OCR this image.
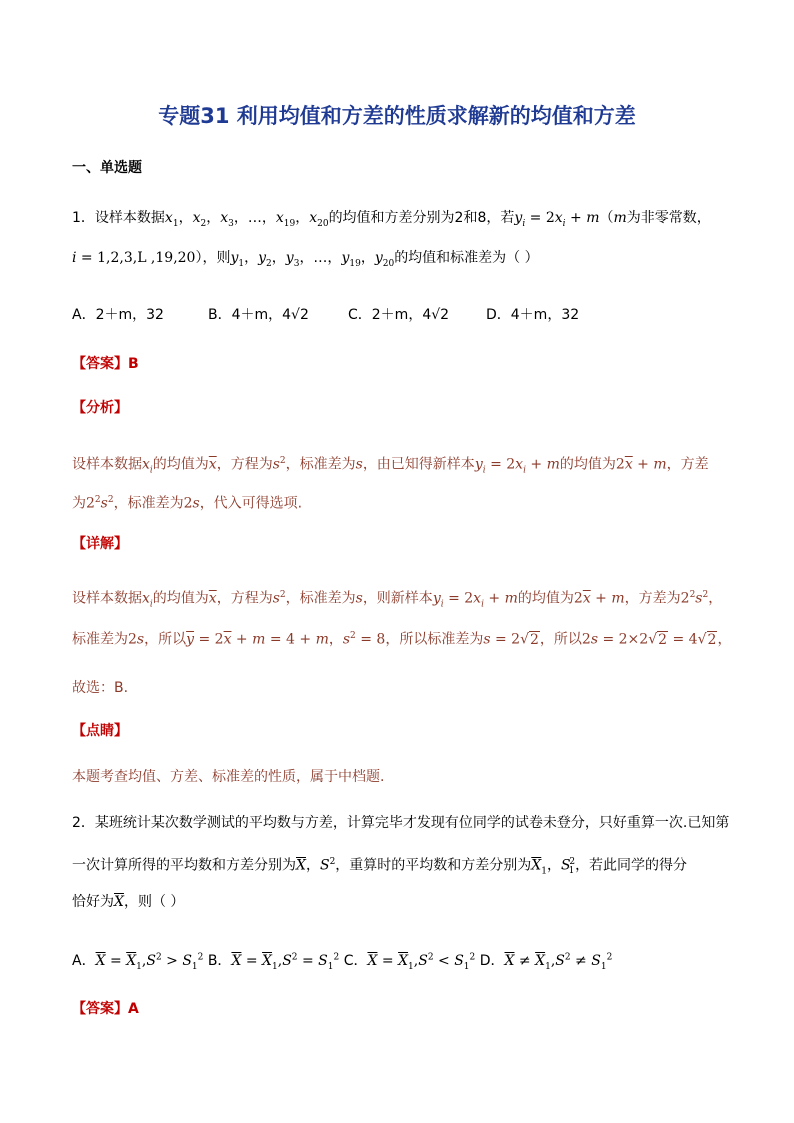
专题31 利用均值和方差的性质求解新的均值和方差
一、单选题
1．设样本数据$x_1$，$x_2$，$x_3$，…，$x_{19}$，$x_{20}$的均值和方差分别为2和8，若$y_i = 2x_i + m(m$为非零常数，
i = 1,2,3,L ,19,20），则$y_1$，$y_2$，$y_3$，…，$y_{19}$，$y_{20}$的均值和标准差为（ ）
A．2＋m，32	B．4＋m，4√2	C．2＋m，4√2	D．4＋m，32
【答案】B
【分析】
设样本数据$x_i$的均值为$\overline{x}$，方程为$s^2$，标准差为s，由已知得新样本$y_i = 2x_i + m$的均值为$2\overline{x} + m$，方差
为$2^2s^2$，标准差为2s，代入可得选项.
【详解】
设样本数据$x_i$的均值为$\overline{x}$，方程为$s^2$，标准差为s，则新样本$y_i = 2x_i + m$的均值为$2\overline{x} + m$，方差为$2^2s^2$，
标准差为2s，所以$\overline{y} = 2\overline{x} + m = 4 + m$，$s^2 = 8$，所以标准差为s = 2√2，所以2s = 2×2√2 = 4√2，
故选：B.
【点睛】
本题考查均值、方差、标准差的性质，属于中档题.
2．某班统计某次数学测试的平均数与方差，计算完毕才发现有位同学的试卷未登分，只好重算一次.已知第
一次计算所得的平均数和方差分别为$\overline{X}$，$S^2$，重算时的平均数和方差分别为$\overline{X}_1$，$S_1^2$，若此同学的得分
恰好为$\overline{X}$，则（ ）
A．$\overline{X} = \overline{X}_1,S^2 > S_1^2$ B．$\overline{X} = \overline{X}_1,S^2 = S_1^2$ C．$\overline{X} = \overline{X}_1,S^2 < S_1^2$ D．$\overline{X} \ne \overline{X}_1,S^2 \ne S_1^2$
【答案】A
